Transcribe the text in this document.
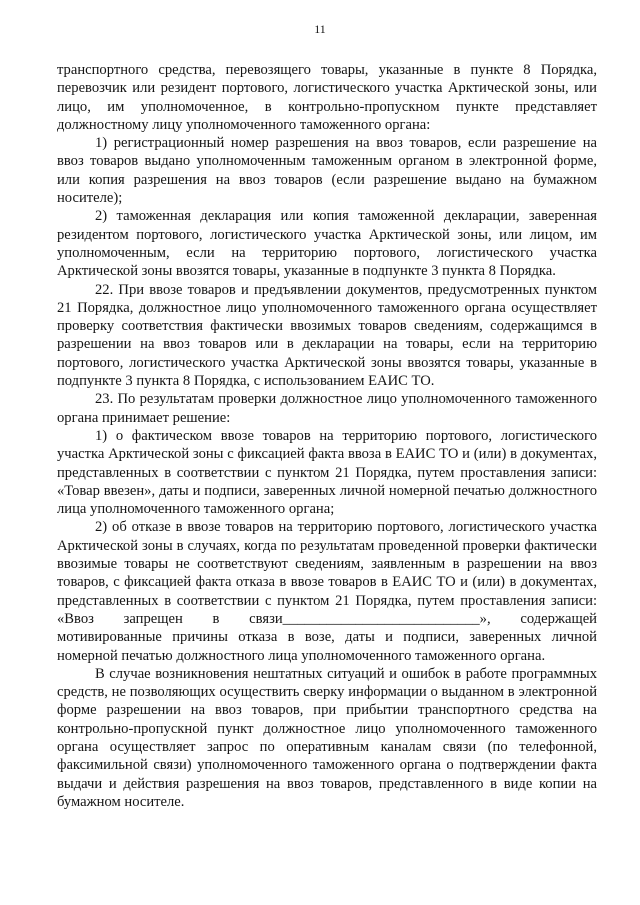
11

транспортного средства, перевозящего товары, указанные в пункте 8 Порядка, перевозчик или резидент портового, логистического участка Арктической зоны, или лицо, им уполномоченное, в контрольно-пропускном пункте представляет должностному лицу уполномоченного таможенного органа:

1) регистрационный номер разрешения на ввоз товаров, если разрешение на ввоз товаров выдано уполномоченным таможенным органом в электронной форме, или копия разрешения на ввоз товаров (если разрешение выдано на бумажном носителе);

2) таможенная декларация или копия таможенной декларации, заверенная резидентом портового, логистического участка Арктической зоны, или лицом, им уполномоченным, если на территорию портового, логистического участка Арктической зоны ввозятся товары, указанные в подпункте 3 пункта 8 Порядка.

22. При ввозе товаров и предъявлении документов, предусмотренных пунктом 21 Порядка, должностное лицо уполномоченного таможенного органа осуществляет проверку соответствия фактически ввозимых товаров сведениям, содержащимся в разрешении на ввоз товаров или в декларации на товары, если на территорию портового, логистического участка Арктической зоны ввозятся товары, указанные в подпункте 3 пункта 8 Порядка, с использованием ЕАИС ТО.

23. По результатам проверки должностное лицо уполномоченного таможенного органа принимает решение:

1) о фактическом ввозе товаров на территорию портового, логистического участка Арктической зоны с фиксацией факта ввоза в ЕАИС ТО и (или) в документах, представленных в соответствии с пунктом 21 Порядка, путем проставления записи: «Товар ввезен», даты и подписи, заверенных личной номерной печатью должностного лица уполномоченного таможенного органа;

2) об отказе в ввозе товаров на территорию портового, логистического участка Арктической зоны в случаях, когда по результатам проведенной проверки фактически ввозимые товары не соответствуют сведениям, заявленным в разрешении на ввоз товаров, с фиксацией факта отказа в ввозе товаров в ЕАИС ТО и (или) в документах, представленных в соответствии с пунктом 21 Порядка, путем проставления записи: «Ввоз запрещен в связи___________________________», содержащей мотивированные причины отказа в возе, даты и подписи, заверенных личной номерной печатью должностного лица уполномоченного таможенного органа.

В случае возникновения нештатных ситуаций и ошибок в работе программных средств, не позволяющих осуществить сверку информации о выданном в электронной форме разрешении на ввоз товаров, при прибытии транспортного средства на контрольно-пропускной пункт должностное лицо уполномоченного таможенного органа осуществляет запрос по оперативным каналам связи (по телефонной, факсимильной связи) уполномоченного таможенного органа о подтверждении факта выдачи и действия разрешения на ввоз товаров, представленного в виде копии на бумажном носителе.
